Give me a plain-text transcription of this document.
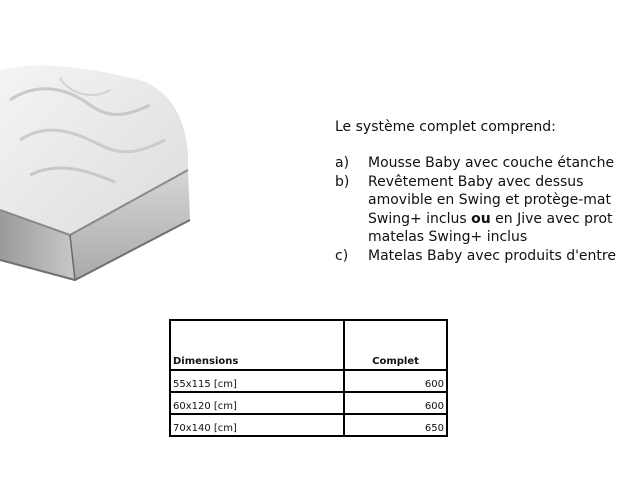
Le système complet comprend:
a)	Mousse Baby avec couche étanche
b)	Revêtement Baby avec dessus
amovible en Swing et protège-mat
Swing+ inclus ou en Jive avec prot
matelas Swing+ inclus
c)	Matelas Baby avec produits d'entre
Dimensions	Complet
55x115 [cm]	600
60x120 [cm]	600
70x140 [cm]	650
